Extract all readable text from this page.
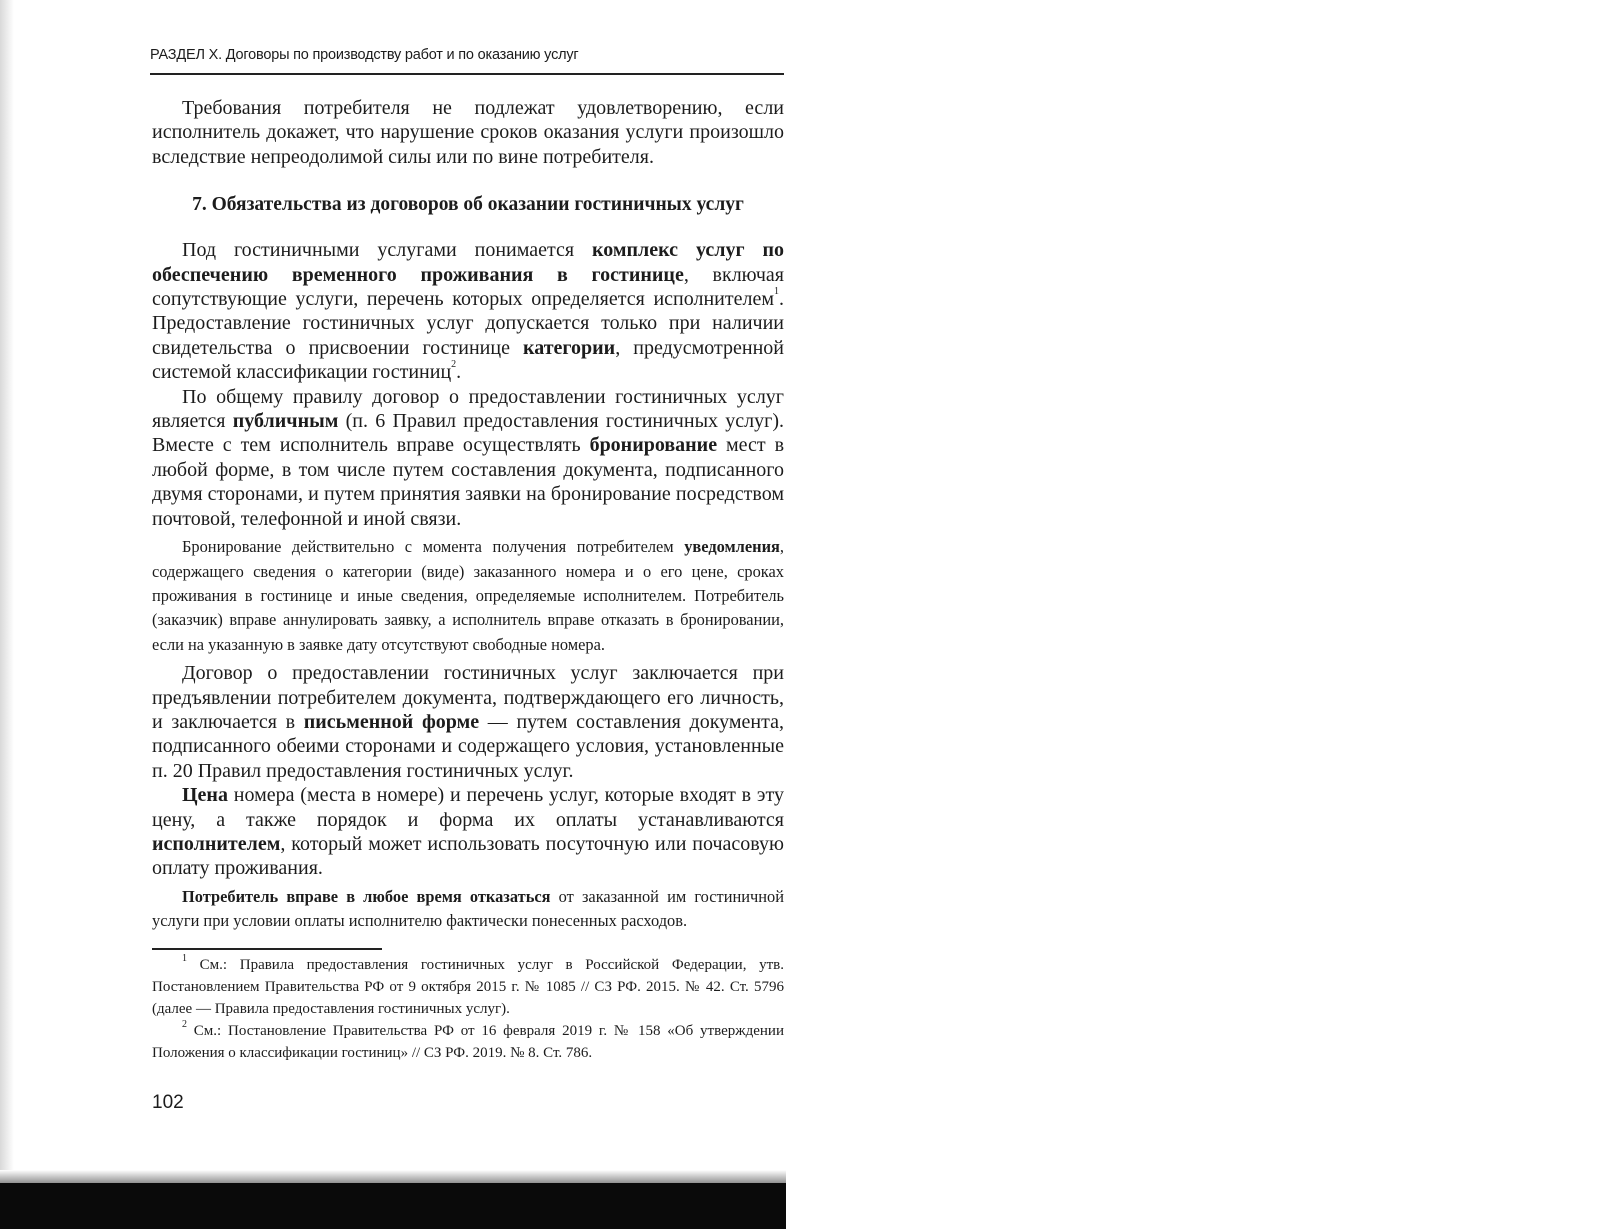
РАЗДЕЛ X. Договоры по производству работ и по оказанию услуг

Требования потребителя не подлежат удовлетворению, если исполнитель докажет, что нарушение сроков оказания услуги произошло вследствие непреодолимой силы или по вине потребителя.

7. Обязательства из договоров об оказании гостиничных услуг

Под гостиничными услугами понимается комплекс услуг по обеспечению временного проживания в гостинице, включая сопутствующие услуги, перечень которых определяется исполнителем$^1$. Предоставление гостиничных услуг допускается только при наличии свидетельства о присвоении гостинице категории, предусмотренной системой классификации гостиниц$^2$.

По общему правилу договор о предоставлении гостиничных услуг является публичным (п. 6 Правил предоставления гостиничных услуг). Вместе с тем исполнитель вправе осуществлять бронирование мест в любой форме, в том числе путем составления документа, подписанного двумя сторонами, и путем принятия заявки на бронирование посредством почтовой, телефонной и иной связи.

Бронирование действительно с момента получения потребителем уведомления, содержащего сведения о категории (виде) заказанного номера и о его цене, сроках проживания в гостинице и иные сведения, определяемые исполнителем. Потребитель (заказчик) вправе аннулировать заявку, а исполнитель вправе отказать в бронировании, если на указанную в заявке дату отсутствуют свободные номера.

Договор о предоставлении гостиничных услуг заключается при предъявлении потребителем документа, подтверждающего его личность, и заключается в письменной форме — путем составления документа, подписанного обеими сторонами и содержащего условия, установленные п. 20 Правил предоставления гостиничных услуг.

Цена номера (места в номере) и перечень услуг, которые входят в эту цену, а также порядок и форма их оплаты устанавливаются исполнителем, который может использовать посуточную или почасовую оплату проживания.

Потребитель вправе в любое время отказаться от заказанной им гостиничной услуги при условии оплаты исполнителю фактически понесенных расходов.

$^1$ См.: Правила предоставления гостиничных услуг в Российской Федерации, утв. Постановлением Правительства РФ от 9 октября 2015 г. № 1085 // СЗ РФ. 2015. № 42. Ст. 5796 (далее — Правила предоставления гостиничных услуг).

$^2$ См.: Постановление Правительства РФ от 16 февраля 2019 г. № 158 «Об утверждении Положения о классификации гостиниц» // СЗ РФ. 2019. № 8. Ст. 786.

102
